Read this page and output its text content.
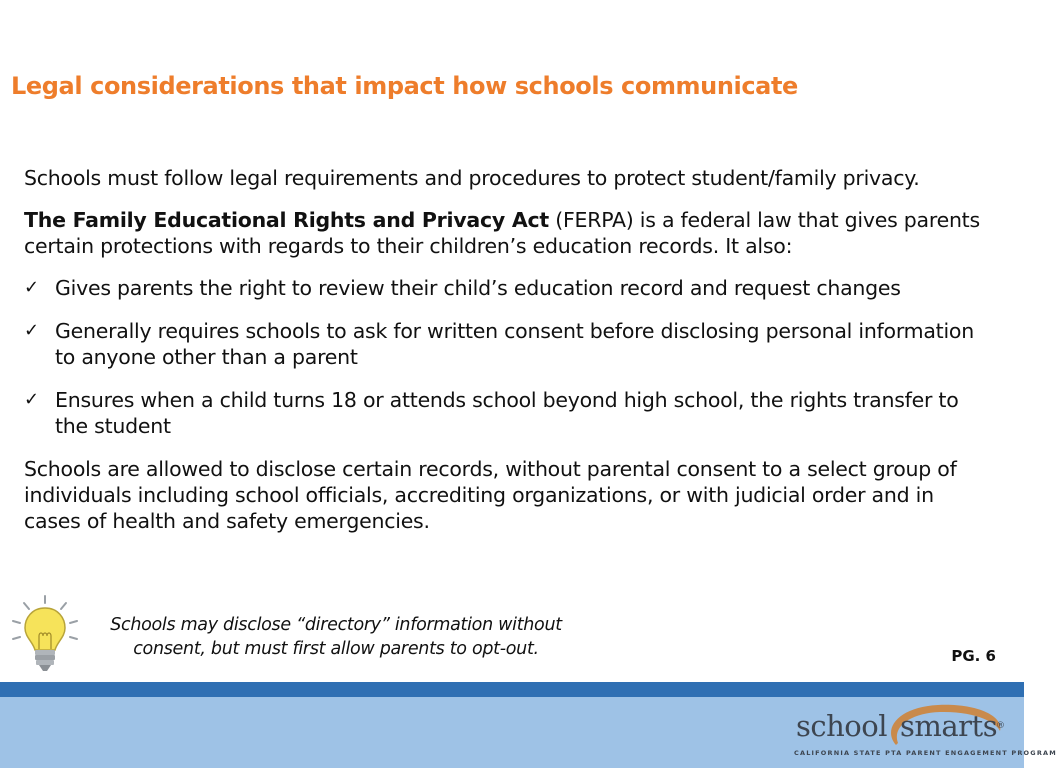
Legal considerations that impact how schools communicate

Schools must follow legal requirements and procedures to protect student/family privacy.

The Family Educational Rights and Privacy Act (FERPA) is a federal law that gives parents certain protections with regards to their children’s education records. It also:

✓ Gives parents the right to review their child’s education record and request changes
✓ Generally requires schools to ask for written consent before disclosing personal information to anyone other than a parent
✓ Ensures when a child turns 18 or attends school beyond high school, the rights transfer to the student

Schools are allowed to disclose certain records, without parental consent to a select group of individuals including school officials, accrediting organizations, or with judicial order and in cases of health and safety emergencies.

Schools may disclose “directory” information without
consent, but must first allow parents to opt-out.	PG. 6
school smarts
®
CALIFORNIA STATE PTA PARENT ENGAGEMENT PROGRAM
